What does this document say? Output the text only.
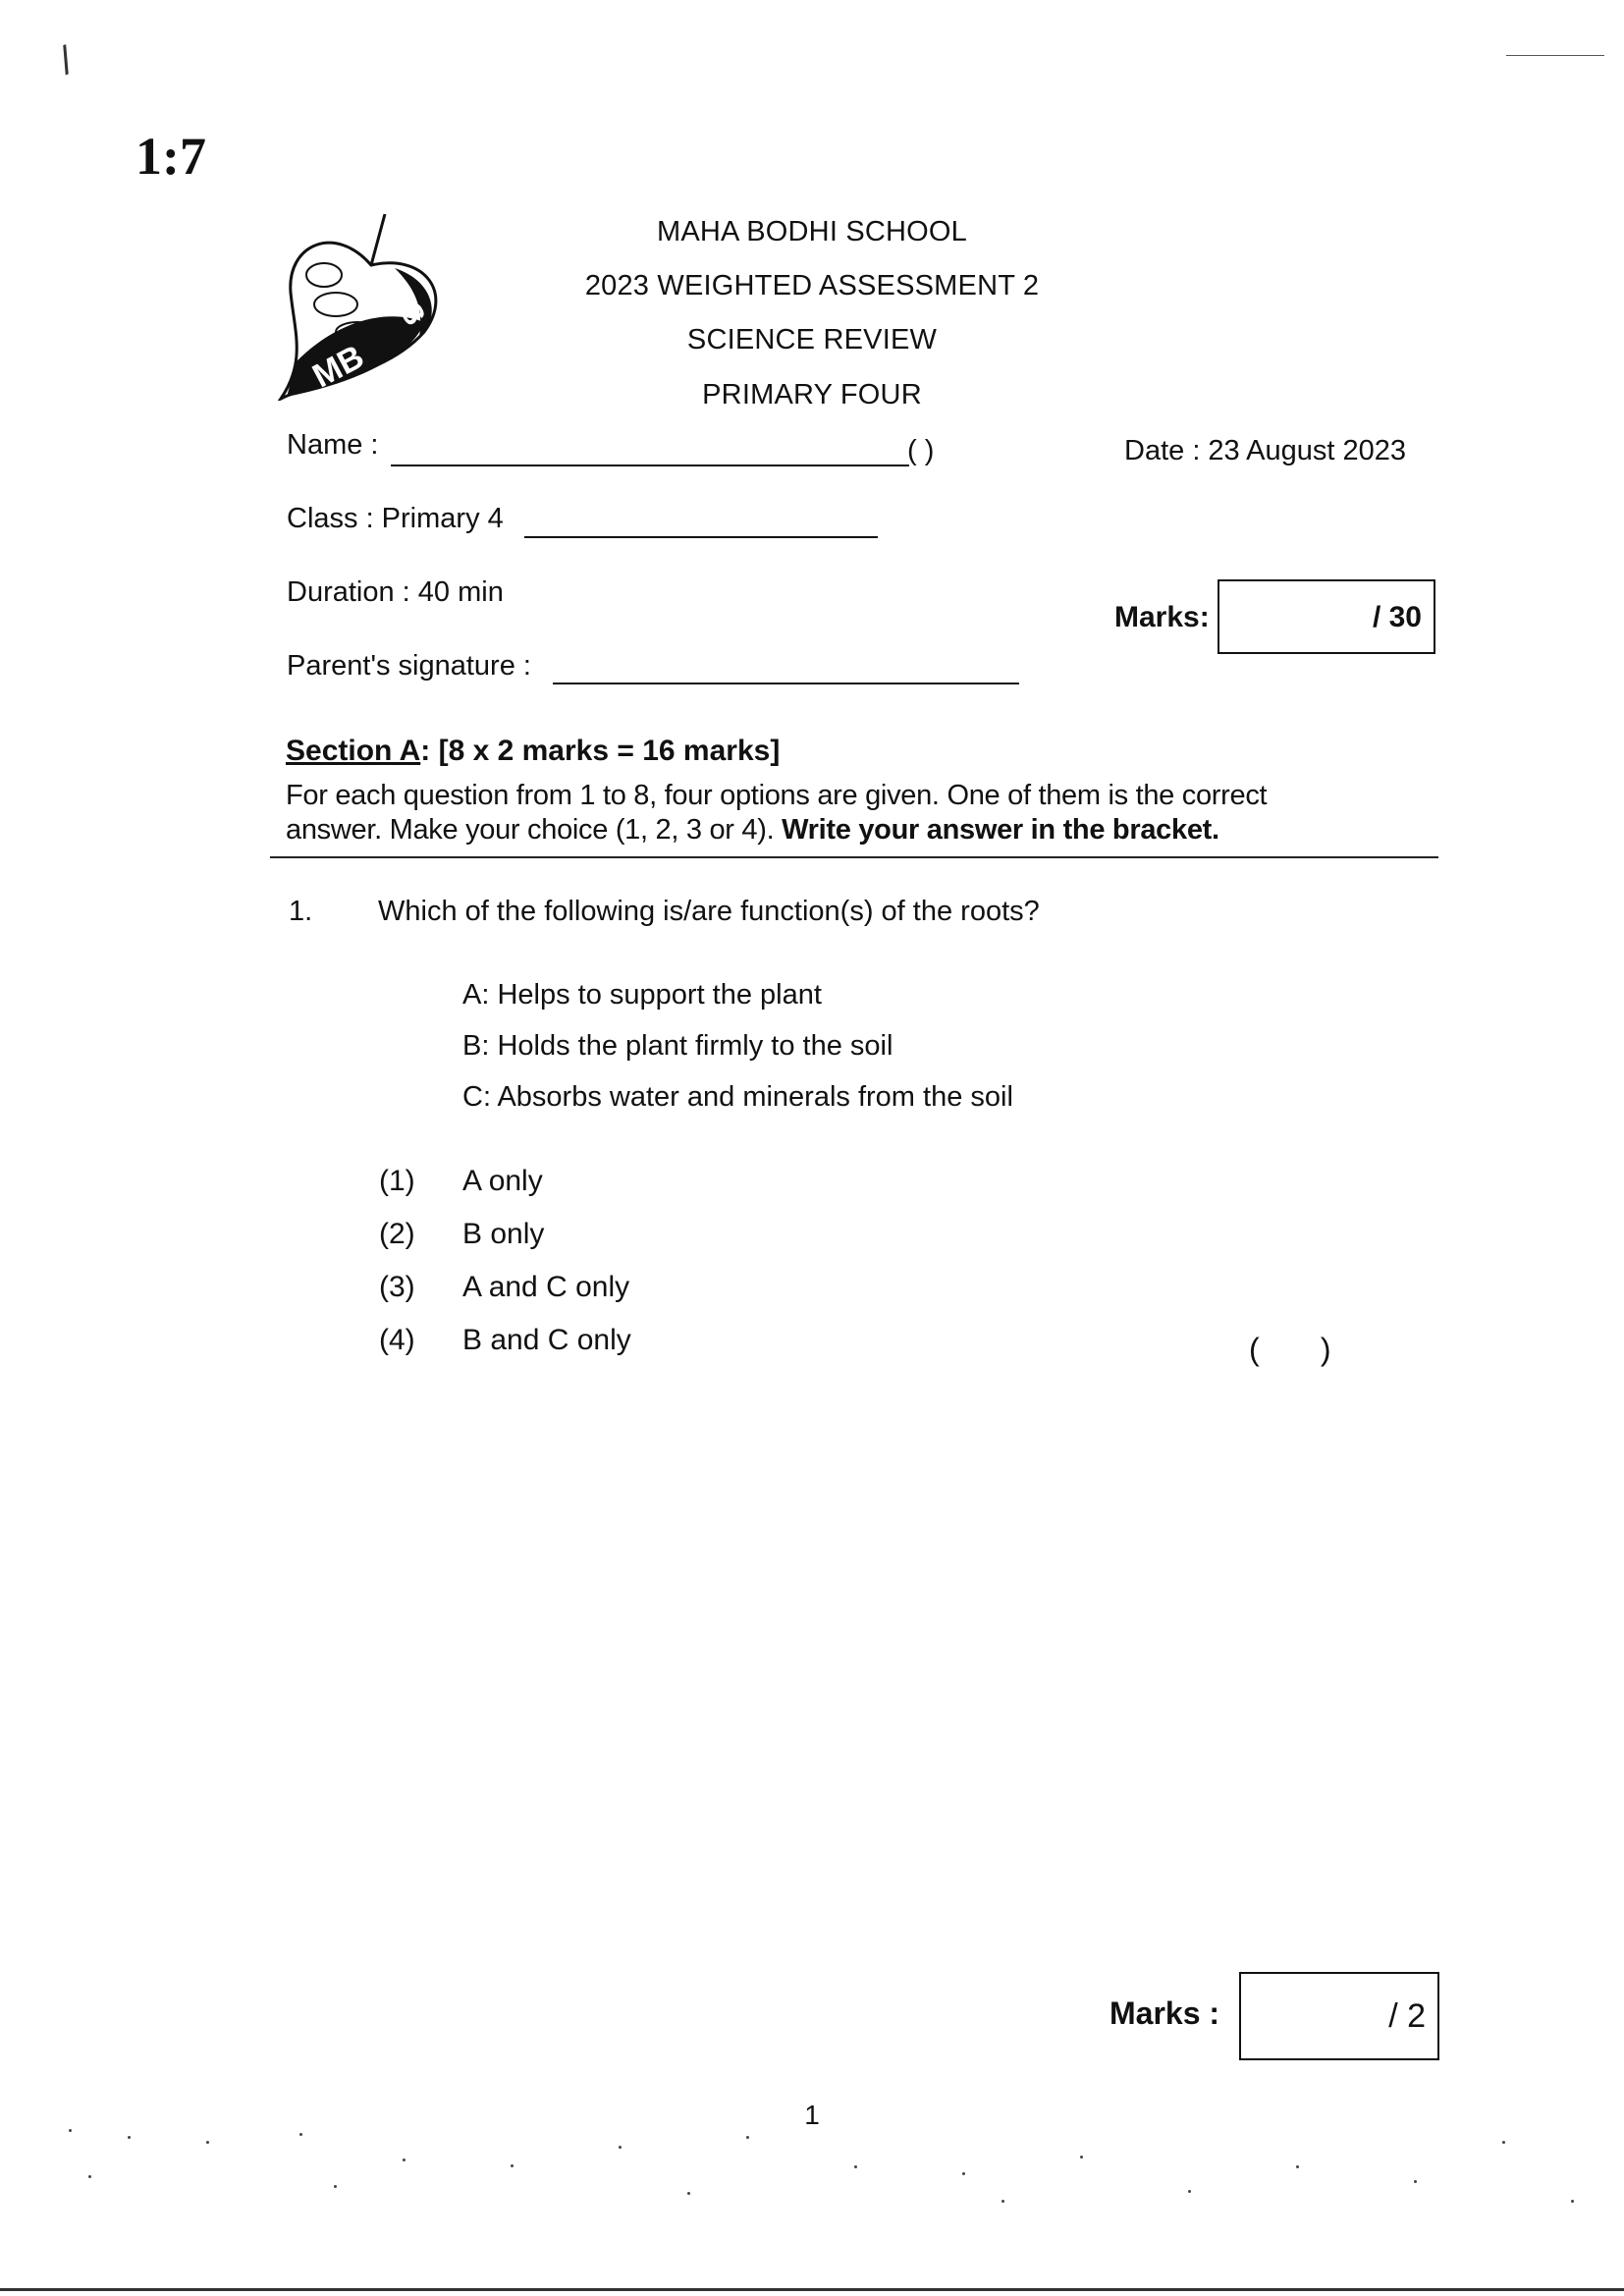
/
1:7
MB
S
MAHA BODHI SCHOOL
2023 WEIGHTED ASSESSMENT 2
SCIENCE REVIEW
PRIMARY FOUR
Name :	( )	Date : 23 August 2023
Class : Primary 4
Duration : 40 min
Marks:	/ 30
Parent's signature :
Section A: [8 x 2 marks = 16 marks]
For each question from 1 to 8, four options are given. One of them is the correct
answer. Make your choice (1, 2, 3 or 4). Write your answer in the bracket.
1. Which of the following is/are function(s) of the roots?
A: Helps to support the plant
B: Holds the plant firmly to the soil
C: Absorbs water and minerals from the soil
(1) A only
(2) B only
(3) A and C only
(4) B and C only	(       )
Marks :	/ 2
1
